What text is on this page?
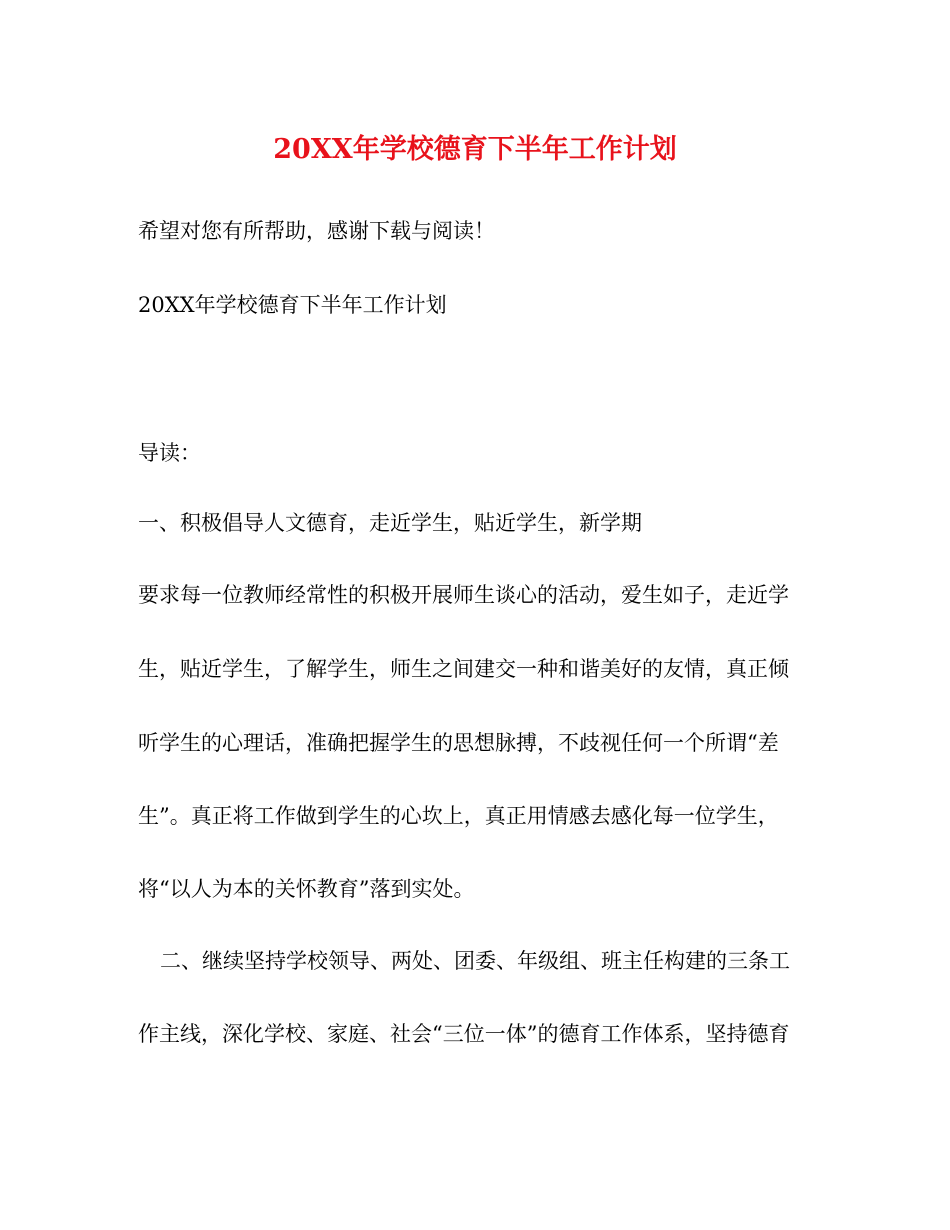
20XX年学校德育下半年工作计划
希望对您有所帮助，感谢下载与阅读！
20XX年学校德育下半年工作计划
导读：
一、积极倡导人文德育，走近学生，贴近学生，新学期
要求每一位教师经常性的积极开展师生谈心的活动，爱生如子，走近学
生，贴近学生，了解学生，师生之间建交一种和谐美好的友情，真正倾
听学生的心理话，准确把握学生的思想脉搏，不歧视任何一个所谓“差
生”。真正将工作做到学生的心坎上，真正用情感去感化每一位学生，
将“以人为本的关怀教育”落到实处。
二、继续坚持学校领导、两处、团委、年级组、班主任构建的三条工
作主线，深化学校、家庭、社会“三位一体”的德育工作体系，坚持德育
